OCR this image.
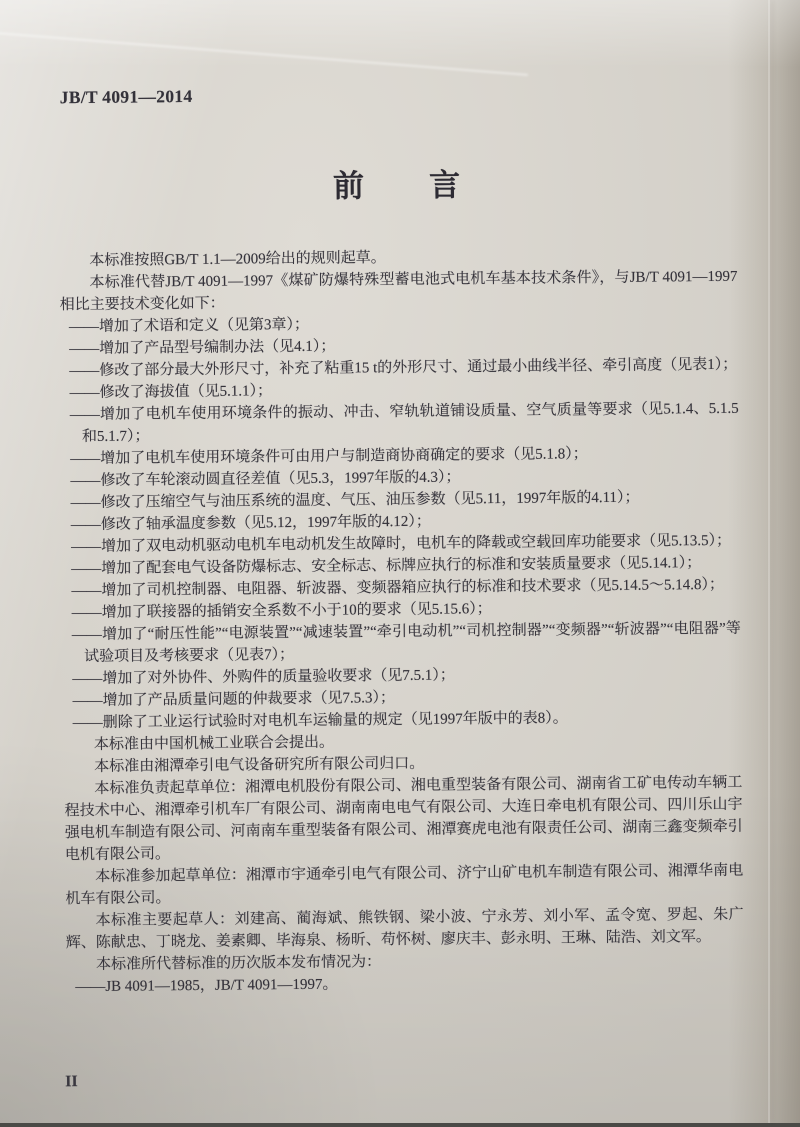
JB/T 4091—2014
前　言

本标准按照GB/T 1.1—2009给出的规则起草。

本标准代替JB/T 4091—1997《煤矿防爆特殊型蓄电池式电机车基本技术条件》，与JB/T 4091—1997相比主要技术变化如下：

——增加了术语和定义（见第3章）；

——增加了产品型号编制办法（见4.1）；

——修改了部分最大外形尺寸，补充了粘重15 t的外形尺寸、通过最小曲线半径、牵引高度（见表1）；

——修改了海拔值（见5.1.1）；

——增加了电机车使用环境条件的振动、冲击、窄轨轨道铺设质量、空气质量等要求（见5.1.4、5.1.5和5.1.7）；

——增加了电机车使用环境条件可由用户与制造商协商确定的要求（见5.1.8）；

——修改了车轮滚动圆直径差值（见5.3，1997年版的4.3）；

——修改了压缩空气与油压系统的温度、气压、油压参数（见5.11，1997年版的4.11）；

——修改了轴承温度参数（见5.12，1997年版的4.12）；

——增加了双电动机驱动电机车电动机发生故障时，电机车的降载或空载回库功能要求（见5.13.5）；

——增加了配套电气设备防爆标志、安全标志、标牌应执行的标准和安装质量要求（见5.14.1）；

——增加了司机控制器、电阻器、斩波器、变频器箱应执行的标准和技术要求（见5.14.5～5.14.8）；

——增加了联接器的插销安全系数不小于10的要求（见5.15.6）；

——增加了“耐压性能”“电源装置”“减速装置”“牵引电动机”“司机控制器”“变频器”“斩波器”“电阻器”等试验项目及考核要求（见表7）；

——增加了对外协件、外购件的质量验收要求（见7.5.1）；

——增加了产品质量问题的仲裁要求（见7.5.3）；

——删除了工业运行试验时对电机车运输量的规定（见1997年版中的表8）。

本标准由中国机械工业联合会提出。

本标准由湘潭牵引电气设备研究所有限公司归口。

本标准负责起草单位：湘潭电机股份有限公司、湘电重型装备有限公司、湖南省工矿电传动车辆工程技术中心、湘潭牵引机车厂有限公司、湖南南电电气有限公司、大连日牵电机有限公司、四川乐山宇强电机车制造有限公司、河南南车重型装备有限公司、湘潭赛虎电池有限责任公司、湖南三鑫变频牵引电机有限公司。

本标准参加起草单位：湘潭市宇通牵引电气有限公司、济宁山矿电机车制造有限公司、湘潭华南电机车有限公司。

本标准主要起草人：刘建高、蔺海斌、熊铁钢、梁小波、宁永芳、刘小军、孟令宽、罗起、朱广辉、陈献忠、丁晓龙、姜素卿、毕海泉、杨昕、苟怀树、廖庆丰、彭永明、王琳、陆浩、刘文军。

本标准所代替标准的历次版本发布情况为：

——JB 4091—1985，JB/T 4091—1997。

II
